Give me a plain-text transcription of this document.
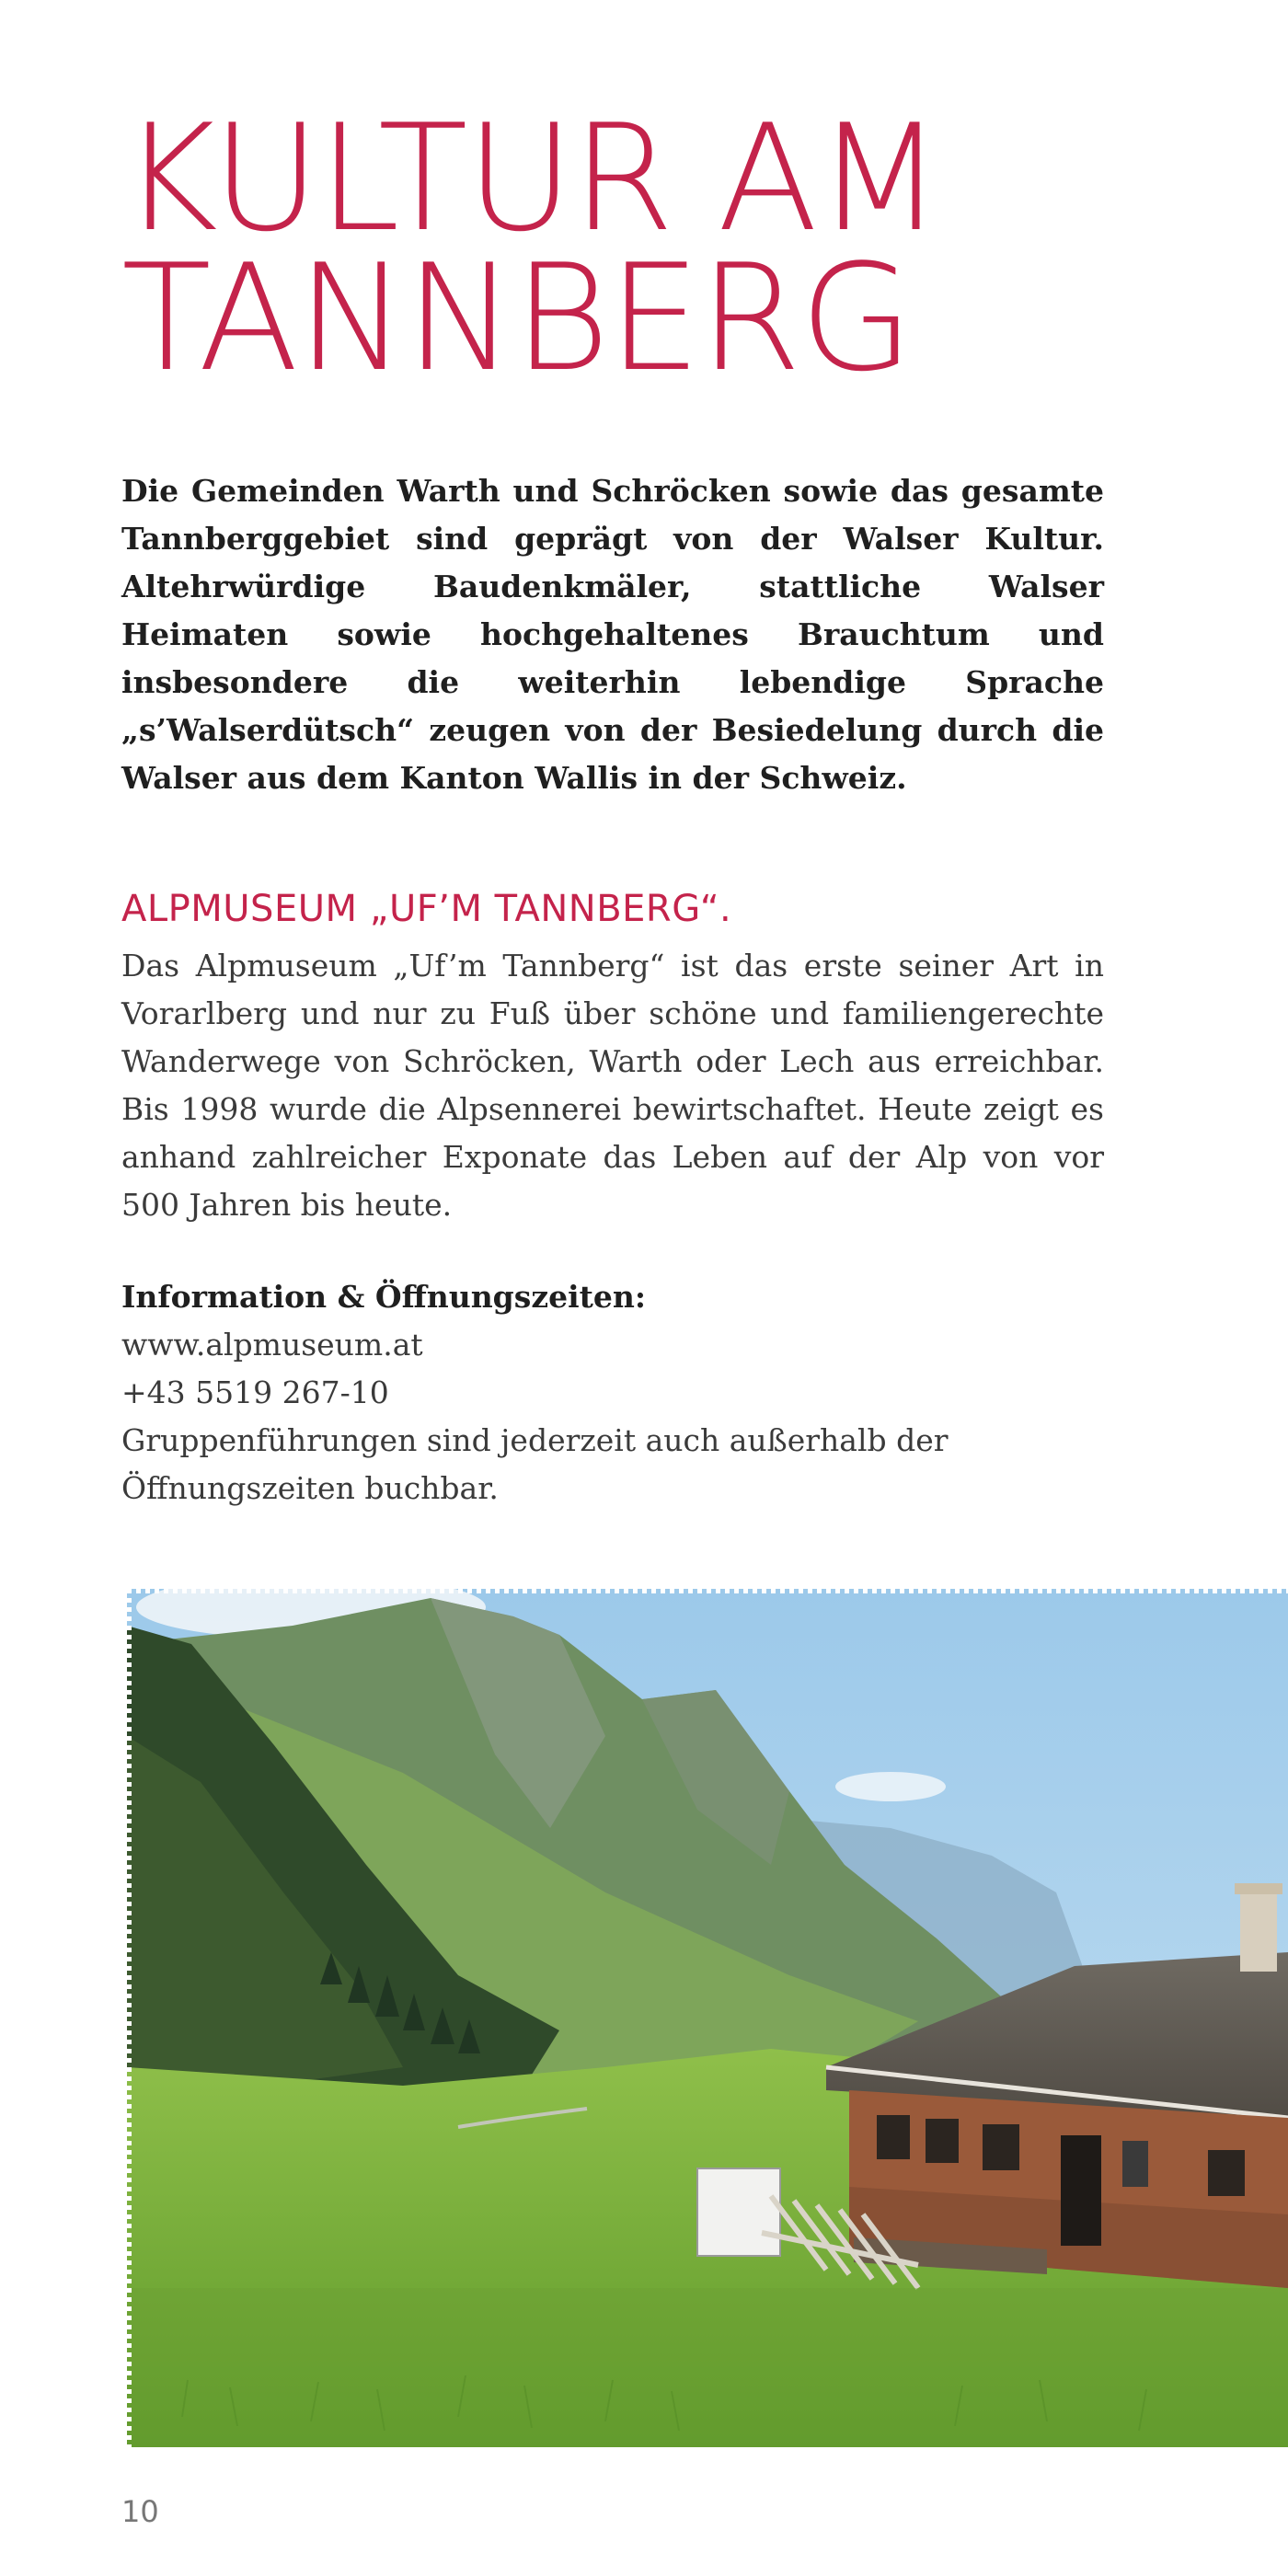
KULTUR AM
TANNBERG

Die Gemeinden Warth und Schröcken sowie das gesamte Tannberggebiet sind geprägt von der Walser Kultur. Altehrwürdige Baudenkmäler, stattliche Walser Heimaten sowie hochgehaltenes Brauchtum und insbesondere die weiterhin lebendige Sprache „s’Walserdütsch“ zeugen von der Besiedelung durch die Walser aus dem Kanton Wallis in der Schweiz.

ALPMUSEUM „UF’M TANNBERG“.

Das Alpmuseum „Uf’m Tannberg“ ist das erste seiner Art in Vorarlberg und nur zu Fuß über schöne und familiengerechte Wanderwege von Schröcken, Warth oder Lech aus erreichbar. Bis 1998 wurde die Alpsennerei bewirtschaftet. Heute zeigt es anhand zahlreicher Exponate das Leben auf der Alp von vor 500 Jahren bis heute.

Information & Öffnungszeiten:
www.alpmuseum.at
+43 5519 267-10
Gruppenführungen sind jederzeit auch außerhalb der
Öffnungszeiten buchbar.

10
